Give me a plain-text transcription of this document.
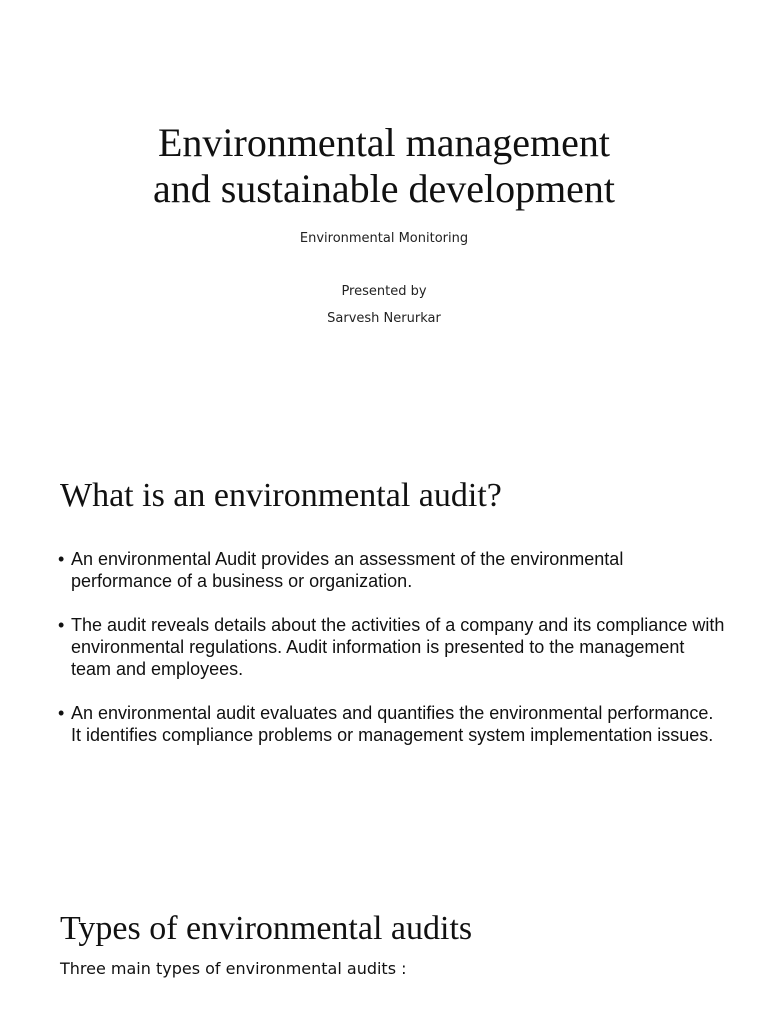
Environmental management
and sustainable development
Environmental Monitoring
Presented by
Sarvesh Nerurkar
What is an environmental audit?
• An environmental Audit provides an assessment of the environmental performance of a business or organization.
• The audit reveals details about the activities of a company and its compliance with environmental regulations. Audit information is presented to the management team and employees.
• An environmental audit evaluates and quantifies the environmental performance. It identifies compliance problems or management system implementation issues.
Types of environmental audits
Three main types of environmental audits :
